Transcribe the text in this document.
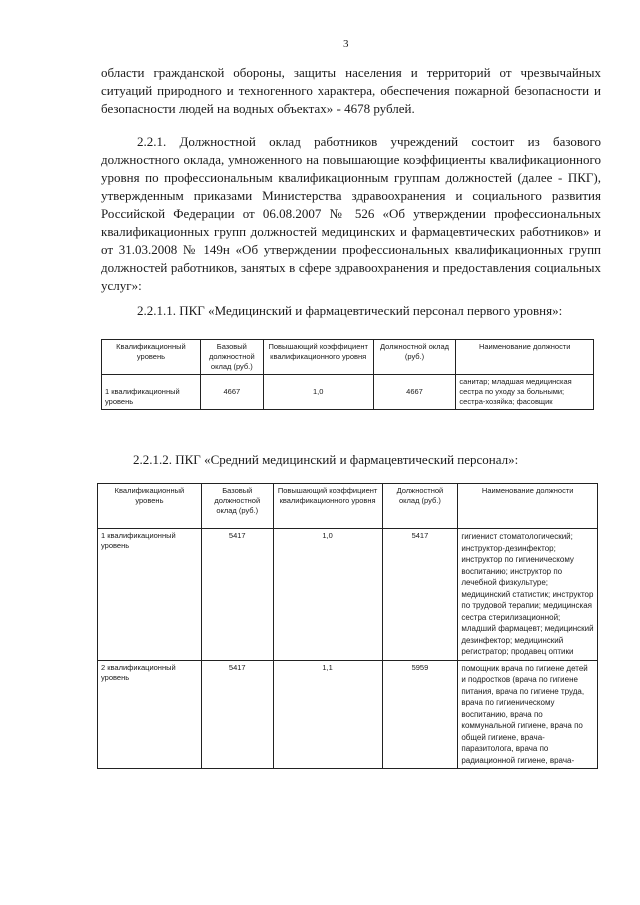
3
области гражданской обороны, защиты населения и территорий от чрезвычайных ситуаций природного и техногенного характера, обеспечения пожарной безопасности и безопасности людей на водных объектах» - 4678 рублей.
2.2.1. Должностной оклад работников учреждений состоит из базового должностного оклада, умноженного на повышающие коэффициенты квалификационного уровня по профессиональным квалификационным группам должностей (далее - ПКГ), утвержденным приказами Министерства здравоохранения и социального развития Российской Федерации от 06.08.2007 № 526 «Об утверждении профессиональных квалификационных групп должностей медицинских и фармацевтических работников» и от 31.03.2008 № 149н «Об утверждении профессиональных квалификационных групп должностей работников, занятых в сфере здравоохранения и предоставления социальных услуг»:
2.2.1.1. ПКГ «Медицинский и фармацевтический персонал первого уровня»:
Квалификационный уровень	Базовый должностной оклад (руб.)	Повышающий коэффициент квалификационного уровня	Должностной оклад (руб.)	Наименование должности

1 квалификационный уровень	4667	1,0	4667	санитар; младшая медицинская сестра по уходу за больными; сестра-хозяйка; фасовщик
2.2.1.2. ПКГ «Средний медицинский и фармацевтический персонал»:
Квалификационный уровень	Базовый должностной оклад (руб.)	Повышающий коэффициент квалификационного уровня	Должностной оклад (руб.)	Наименование должности
1 квалификационный уровень	5417	1,0	5417	гигиенист стоматологический; инструктор-дезинфектор; инструктор по гигиеническому воспитанию; инструктор по лечебной физкультуре; медицинский статистик; инструктор по трудовой терапии; медицинская сестра стерилизационной; младший фармацевт; медицинский дезинфектор; медицинский регистратор; продавец оптики
2 квалификационный уровень	5417	1,1	5959	помощник врача по гигиене детей и подростков (врача по гигиене питания, врача по гигиене труда, врача по гигиеническому воспитанию, врача по коммунальной гигиене, врача по общей гигиене, врача-паразитолога, врача по радиационной гигиене, врача-
